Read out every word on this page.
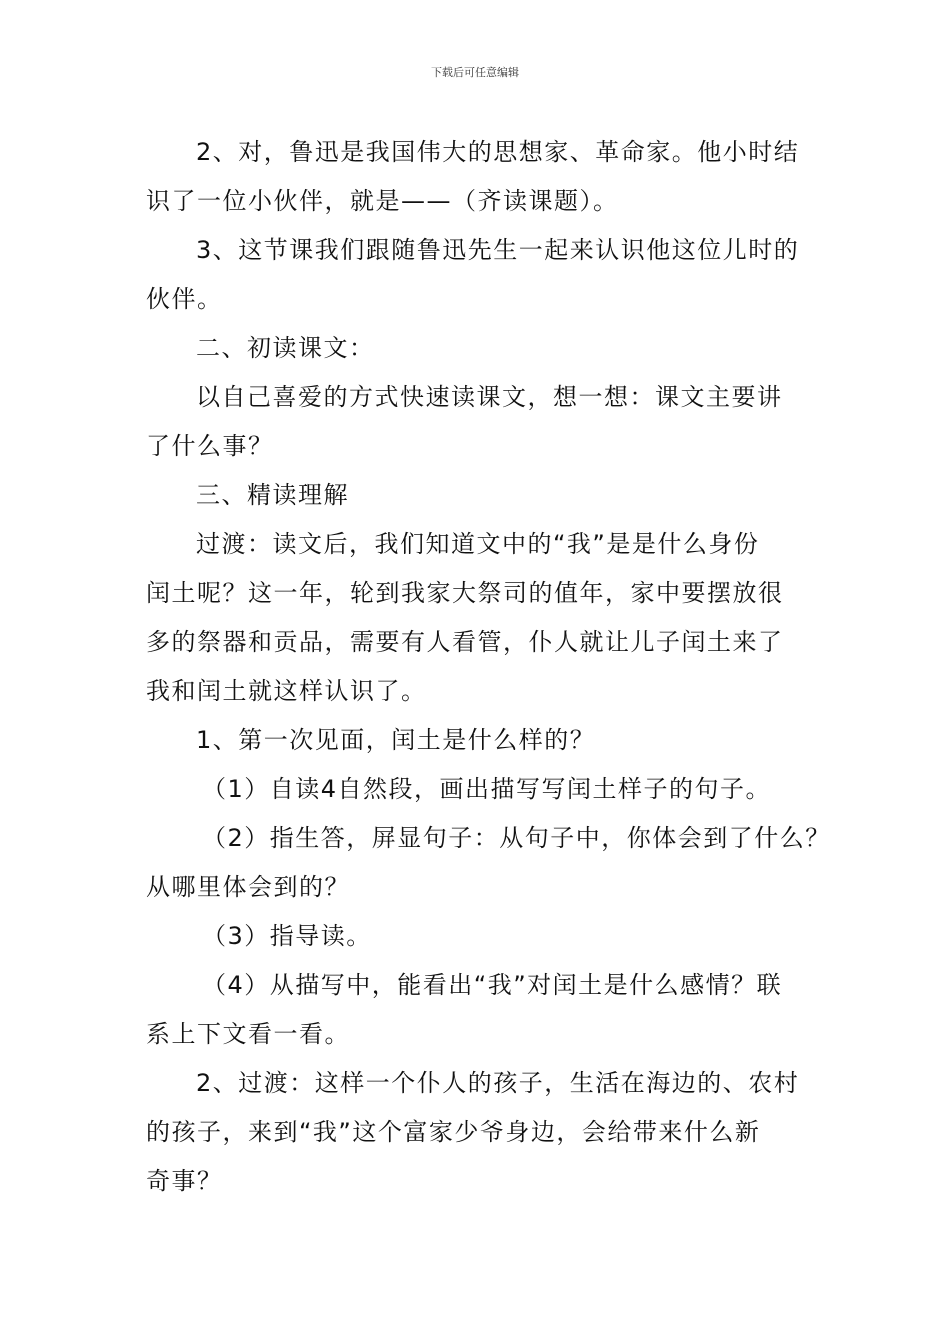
下载后可任意编辑
2、对，鲁迅是我国伟大的思想家、革命家。他小时结
识了一位小伙伴，就是——（齐读课题）。
3、这节课我们跟随鲁迅先生一起来认识他这位儿时的
伙伴。
二、初读课文：
以自己喜爱的方式快速读课文，想一想：课文主要讲
了什么事？
三、精读理解
过渡：读文后，我们知道文中的“我”是是什么身份
闰土呢？这一年，轮到我家大祭司的值年，家中要摆放很
多的祭器和贡品，需要有人看管，仆人就让儿子闰土来了
我和闰土就这样认识了。
1、第一次见面，闰土是什么样的？
（1）自读4自然段，画出描写写闰土样子的句子。
（2）指生答，屏显句子：从句子中，你体会到了什么？
从哪里体会到的？
（3）指导读。
（4）从描写中，能看出“我”对闰土是什么感情？联
系上下文看一看。
2、过渡：这样一个仆人的孩子，生活在海边的、农村
的孩子，来到“我”这个富家少爷身边，会给带来什么新
奇事？
